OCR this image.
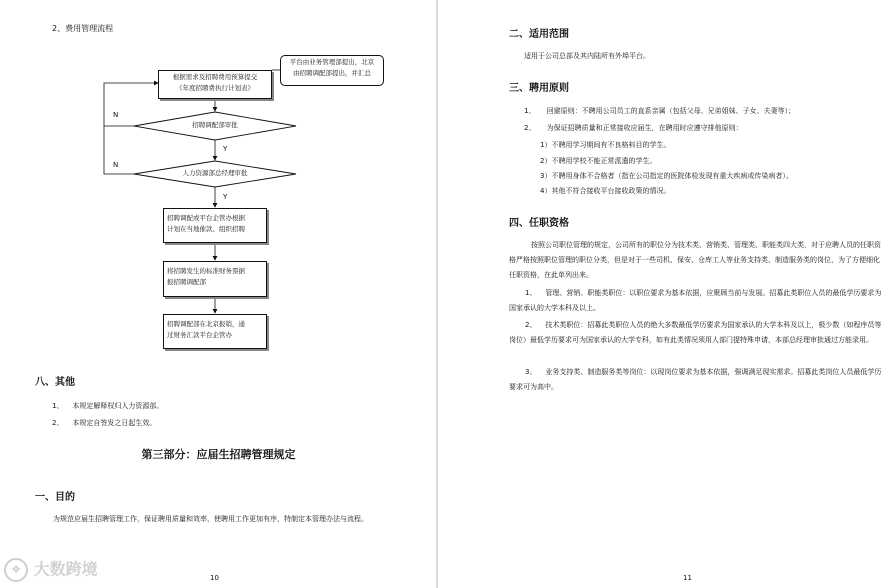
2、费用管理流程
根据需求及招聘费用预算提交
《年度招聘费执行计划表》
平台由业务管理部提出，北京
由招聘调配部提出，并汇总
招聘调配部审批
人力资源部总经理审批
Y
Y
N
N
招聘调配或平台企管办根据
计划在当地催款、组织招聘
将招聘发生的标准财务票据
报招聘调配部
招聘调配部在北京报销，通
过财务汇款平台企管办
八、其他
1、 本规定解释权归人力资源部。
2、 本规定自签发之日起生效。
第三部分：应届生招聘管理规定
一、目的
为规范应届生招聘管理工作，保证聘用质量和效率，使聘用工作更加有序，特制定本管理办法与流程。
❖ 大数跨境	10
二、适用范围
适用于公司总部及其内陆所有外埠平台。
三、聘用原则
1、 回避原则：不聘用公司员工的直系亲属（包括父母、兄弟姐妹、子女、夫妻等）；
2、 为保证招聘质量和正常接收应届生，在聘用时应遵守排他原则：
1）不聘用学习期间有不良格料目的学生。
2）不聘用学校不能正常派遣的学生。
3）不聘用身体不合格者（指在公司指定的医院体检发现有重大疾病或传染病者）。
4）其他不符合接收平台接收政策的情况。
四、任职资格
按照公司职位管理的规定，公司所有的职位分为技术类、营销类、管理类、职能类四大类，对于应聘人员的任职资格严格按照职位管理的职位分类，但是对于一些司机、保安、仓库工人等业务支持类、制造服务类的岗位，为了方便细化任职资格，在此单列出来。
1、 管理、营销、职能类职位：以职位要求为基本依据，应聚顾当前与发展。招募此类职位人员的最低学历要求为国家承认的大学本科及以上。
2、 技术类职位：招募此类职位人员的绝大多数最低学历要求为国家承认的大学本科及以上，极少数（如程序员等岗位）最低学历要求可为国家承认的大学专科，如有此类情况须用人部门提特殊申请，本部总经理审批通过方能录用。
3、 业务支持类、制造服务类等岗位：以现岗位要求为基本依据，强调满足现实需求。招募此类岗位人员最低学历要求可为高中。
11
